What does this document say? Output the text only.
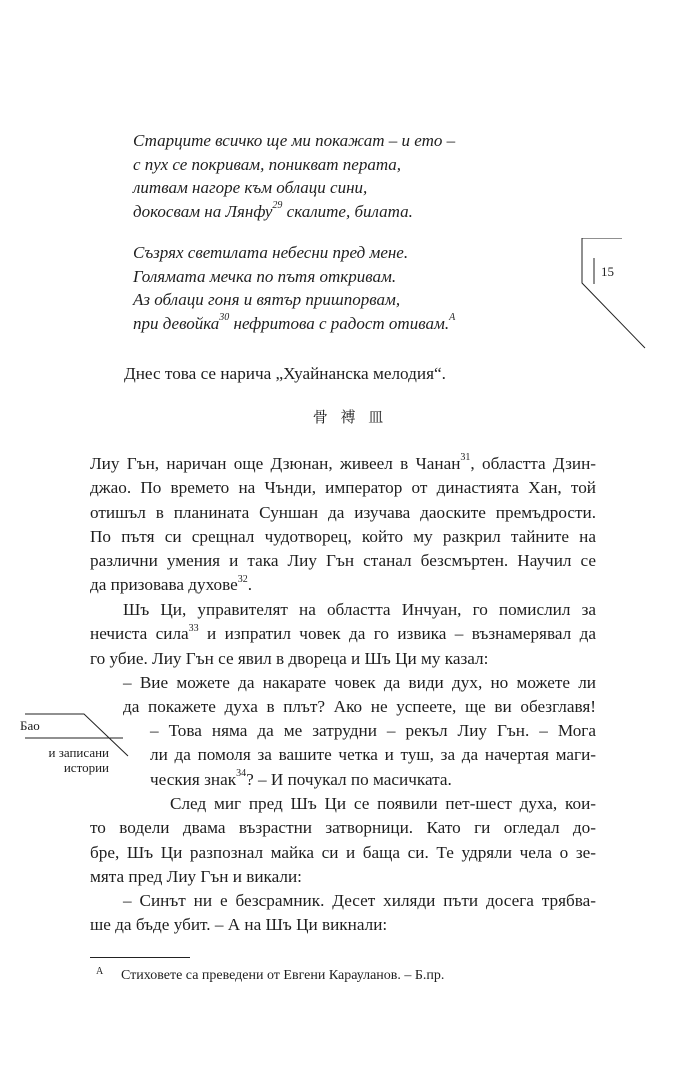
Старците всичко ще ми покажат – и ето –
с пух се покривам, поникват перата,
литвам нагоре към облаци сини,
докосвам на Лянфу$^{29}$ скалите, билата.
Съзрях светилата небесни пред мене.
Голямата мечка по пътя откривам.
Аз облаци гоня и вятър пришпорвам,
при девойка$^{30}$ нефритова с радост отивам.$^А$
15
Днес това се нарича „Хуайнанска мелодия“.
⻣ 禣 ⽫
Лиу Гън, наричан още Дзюнан, живеел в Чанан$^{31}$, областта Дзин-
джао. По времето на Чънди, император от династията Хан, той
отишъл в планината Суншан да изучава даоските премъдрости.
По пътя си срещнал чудотворец, който му разкрил тайните на
различни умения и така Лиу Гън станал безсмъртен. Научил се
да призовава духове$^{32}$.
Шъ Ци, управителят на областта Инчуан, го помислил за
нечиста сила$^{33}$ и изпратил човек да го извика – възнамерявал да
го убие. Лиу Гън се явил в двореца и Шъ Ци му казал:
– Вие можете да накарате човек да види дух, но можете ли
да покажете духа в плът? Ако не успеете, ще ви обезглавя!
Бао
и записани
истории
– Това няма да ме затрудни – рекъл Лиу Гън. – Мога
ли да помоля за вашите четка и туш, за да начертая маги-
ческия знак$^{34}$? – И почукал по масичката.
След миг пред Шъ Ци се появили пет-шест духа, кои-
то водели двама възрастни затворници. Като ги огледал до-
бре, Шъ Ци разпознал майка си и баща си. Те удряли чела о зе-
мята пред Лиу Гън и викали:
– Синът ни е безсрамник. Десет хиляди пъти досега трябва-
ше да бъде убит. – А на Шъ Ци викнали:
А Стиховете са преведени от Евгени Карауланов. – Б.пр.
